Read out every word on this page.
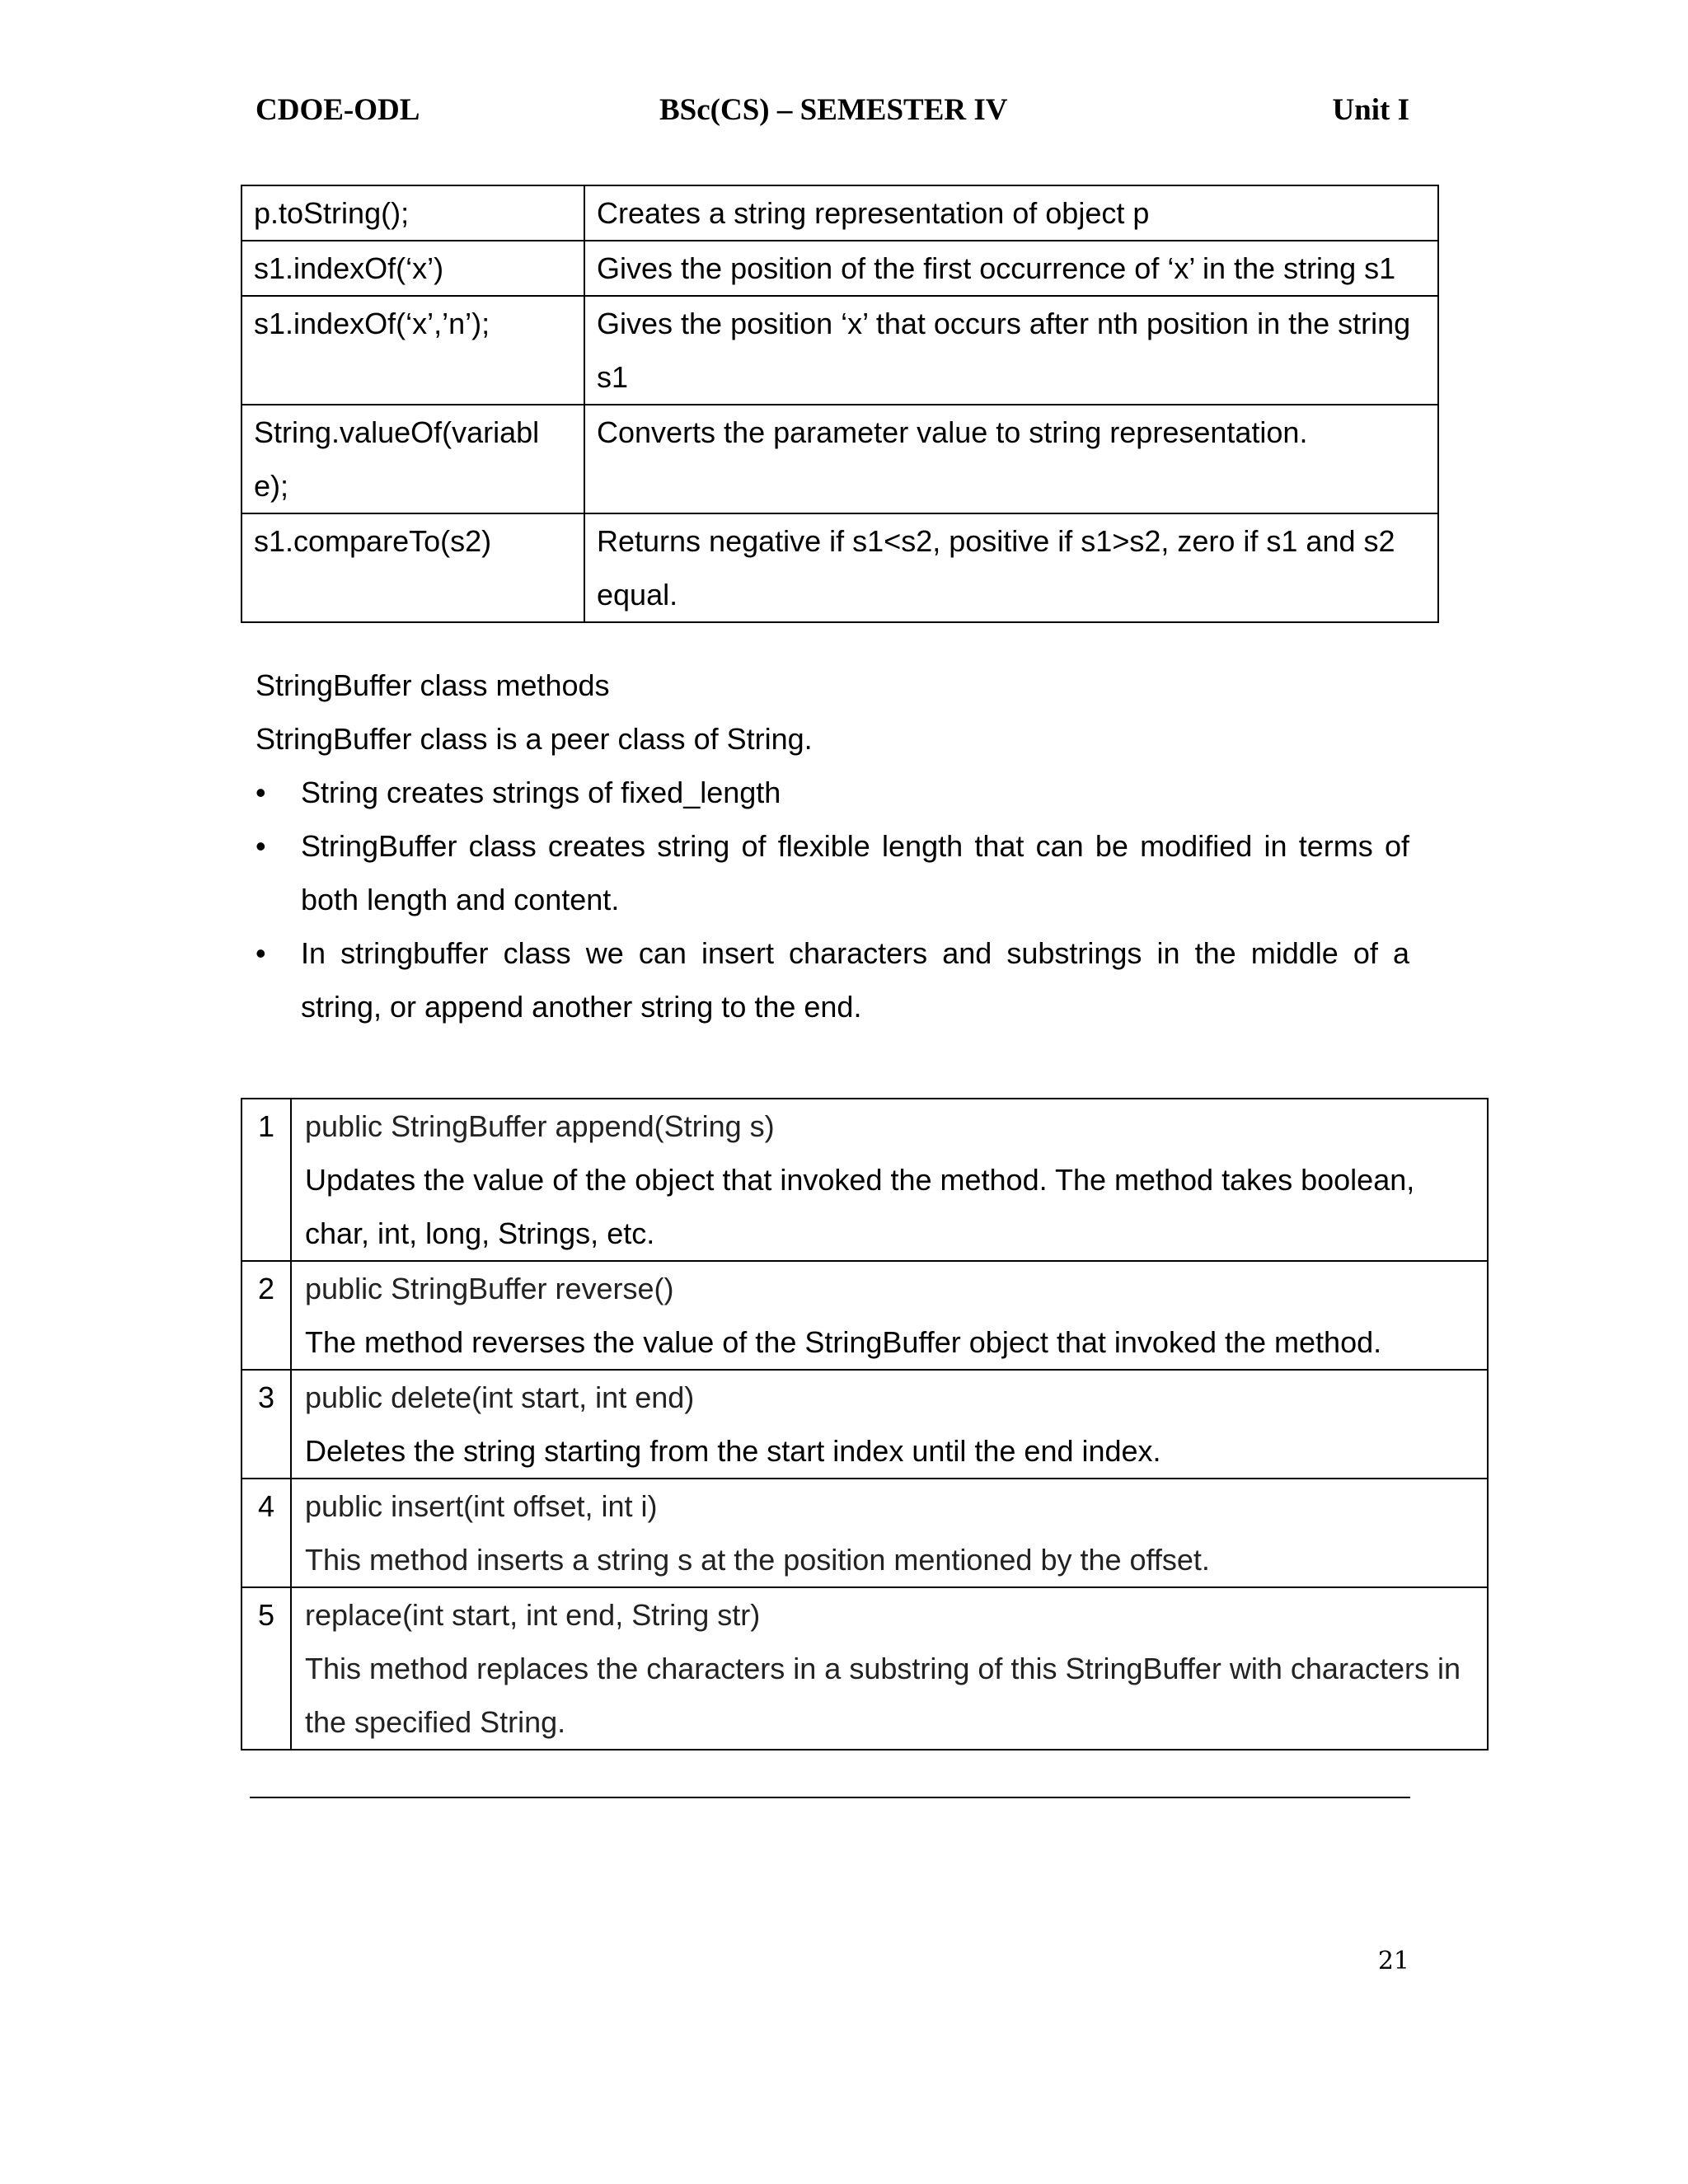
CDOE-ODL	BSc(CS) – SEMESTER IV	Unit I
p.toString();	Creates a string representation of object p
s1.indexOf(‘x’)	Gives the position of the first occurrence of ‘x’ in the string s1
s1.indexOf(‘x’,’n’);	Gives the position ‘x’ that occurs after nth position in the string s1
String.valueOf(variable);	Converts the parameter value to string representation.
s1.compareTo(s2)	Returns negative if s1<s2, positive if s1>s2, zero if s1 and s2 equal.

StringBuffer class methods

StringBuffer class is a peer class of String.

• String creates strings of fixed_length
• StringBuffer class creates string of flexible length that can be modified in terms of both length and content.
• In stringbuffer class we can insert characters and substrings in the middle of a string, or append another string to the end.
1	public StringBuffer append(String s)
Updates the value of the object that invoked the method. The method takes boolean, char, int, long, Strings, etc.

2	public StringBuffer reverse()
The method reverses the value of the StringBuffer object that invoked the method.

3	public delete(int start, int end)
Deletes the string starting from the start index until the end index.

4	public insert(int offset, int i)
This method inserts a string s at the position mentioned by the offset.

5	replace(int start, int end, String str)
This method replaces the characters in a substring of this StringBuffer with characters in the specified String.
21
